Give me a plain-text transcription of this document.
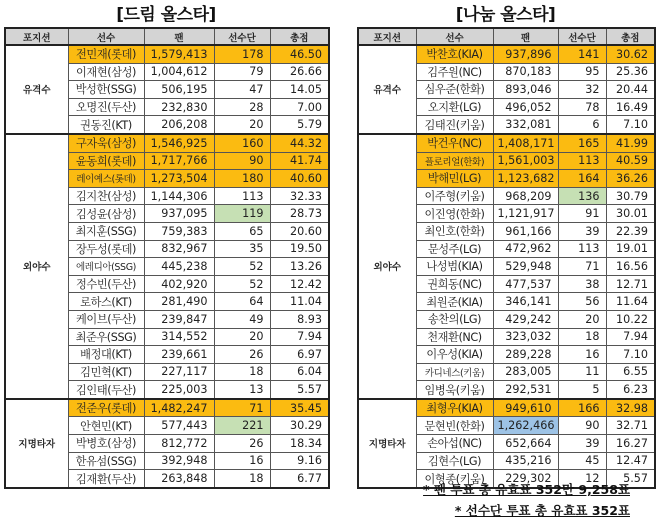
[드림 올스타]
포지션	선수	팬	선수단	총점
유격수	전민재(롯데)	1,579,413	178	46.50
	이재현(삼성)	1,004,612	79	26.66
	박성한(SSG)	506,195	47	14.05
	오명진(두산)	232,830	28	7.00
	권동진(KT)	206,208	20	5.79
외야수	구자욱(삼성)	1,546,925	160	44.32
	윤동희(롯데)	1,717,766	90	41.74
	레이예스(롯데)	1,273,504	180	40.60
	김지찬(삼성)	1,144,306	113	32.33
	김성윤(삼성)	937,095	119	28.73
	최지훈(SSG)	759,383	65	20.60
	장두성(롯데)	832,967	35	19.50
	에레디아(SSG)	445,238	52	13.26
	정수빈(두산)	402,920	52	12.42
	로하스(KT)	281,490	64	11.04
	케이브(두산)	239,847	49	8.93
	최준우(SSG)	314,552	20	7.94
	배정대(KT)	239,661	26	6.97
	김민혁(KT)	227,117	18	6.04
	김인태(두산)	225,003	13	5.57
지명타자	전준우(롯데)	1,482,247	71	35.45
	안현민(KT)	577,443	221	30.29
	박병호(삼성)	812,772	26	18.34
	한유섬(SSG)	392,948	16	9.16
	김재환(두산)	263,848	18	6.77
[나눔 올스타]
포지션	선수	팬	선수단	총점
유격수	박찬호(KIA)	937,896	141	30.62
	김주원(NC)	870,183	95	25.36
	심우준(한화)	893,046	32	20.44
	오지환(LG)	496,052	78	16.49
	김태진(키움)	332,081	6	7.10
외야수	박건우(NC)	1,408,171	165	41.99
	플로리얼(한화)	1,561,003	113	40.59
	박해민(LG)	1,123,682	164	36.26
	이주형(키움)	968,209	136	30.79
	이진영(한화)	1,121,917	91	30.01
	최인호(한화)	961,166	39	22.39
	문성주(LG)	472,962	113	19.01
	나성범(KIA)	529,948	71	16.56
	권희동(NC)	477,537	38	12.71
	최원준(KIA)	346,141	56	11.64
	송찬의(LG)	429,242	20	10.22
	천재환(NC)	323,032	18	7.94
	이우성(KIA)	289,228	16	7.10
	카디네스(키움)	283,005	11	6.55
	임병욱(키움)	292,531	5	6.23
지명타자	최형우(KIA)	949,610	166	32.98
	문현빈(한화)	1,262,466	90	32.71
	손아섭(NC)	652,664	39	16.27
	김현수(LG)	435,216	45	12.47
	이형종(키움)	229,302	12	5.57
* 팬 투표 총 유효표 352만 9,258표
* 선수단 투표 총 유효표 352표
